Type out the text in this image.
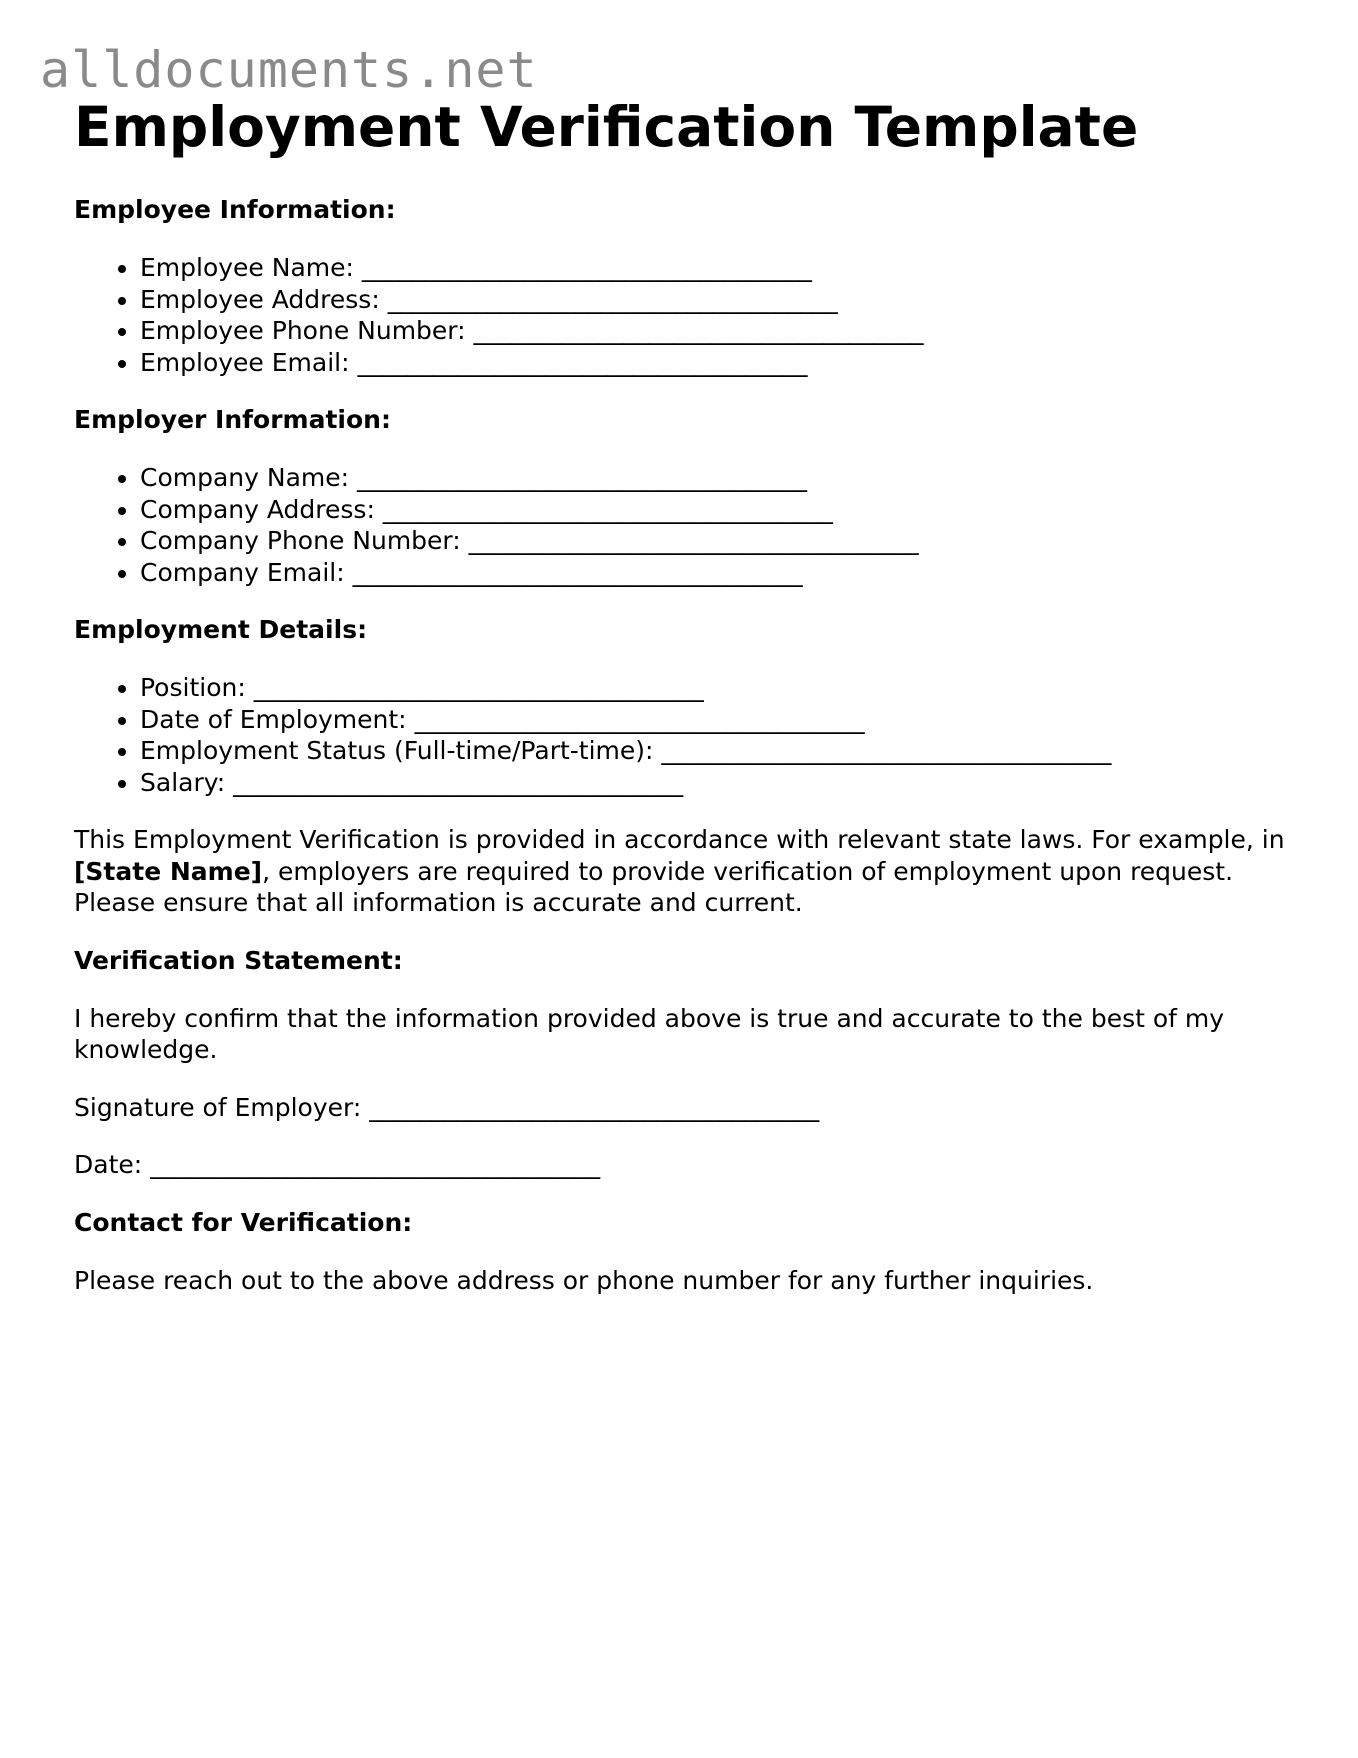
alldocuments.net
Employment Verification Template
Employee Information:
• Employee Name: ____________________________________
• Employee Address: ____________________________________
• Employee Phone Number: ____________________________________
• Employee Email: ____________________________________
Employer Information:
• Company Name: ____________________________________
• Company Address: ____________________________________
• Company Phone Number: ____________________________________
• Company Email: ____________________________________
Employment Details:
• Position: ____________________________________
• Date of Employment: ____________________________________
• Employment Status (Full-time/Part-time): ____________________________________
• Salary: ____________________________________

This Employment Verification is provided in accordance with relevant state laws. For example, in [State Name], employers are required to provide verification of employment upon request. Please ensure that all information is accurate and current.

Verification Statement:

I hereby confirm that the information provided above is true and accurate to the best of my knowledge.

Signature of Employer: ____________________________________

Date: ____________________________________

Contact for Verification:

Please reach out to the above address or phone number for any further inquiries.
